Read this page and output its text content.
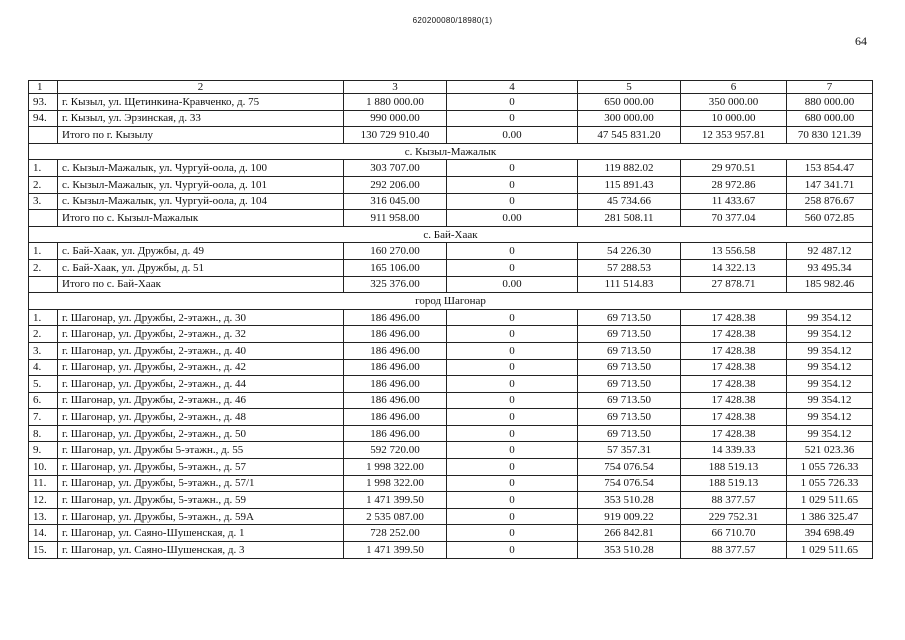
620200080/18980(1)
64
1	2	3	4	5	6	7
93.	г. Кызыл, ул. Щетинкина-Кравченко, д. 75	1 880 000.00	0	650 000.00	350 000.00	880 000.00
94.	г. Кызыл, ул. Эрзинская, д. 33	990 000.00	0	300 000.00	10 000.00	680 000.00
	Итого по г. Кызылу	130 729 910.40	0.00	47 545 831.20	12 353 957.81	70 830 121.39
с. Кызыл-Мажалык						
1.	с. Кызыл-Мажалык, ул. Чургуй-оола, д. 100	303 707.00	0	119 882.02	29 970.51	153 854.47
2.	с. Кызыл-Мажалык, ул. Чургуй-оола, д. 101	292 206.00	0	115 891.43	28 972.86	147 341.71
3.	с. Кызыл-Мажалык, ул. Чургуй-оола, д. 104	316 045.00	0	45 734.66	11 433.67	258 876.67
	Итого по с. Кызыл-Мажалык	911 958.00	0.00	281 508.11	70 377.04	560 072.85
с. Бай-Хаак						
1.	с. Бай-Хаак, ул. Дружбы, д. 49	160 270.00	0	54 226.30	13 556.58	92 487.12
2.	с. Бай-Хаак, ул. Дружбы, д. 51	165 106.00	0	57 288.53	14 322.13	93 495.34
	Итого по с. Бай-Хаак	325 376.00	0.00	111 514.83	27 878.71	185 982.46
город Шагонар						
1.	г. Шагонар, ул. Дружбы, 2-этажн., д. 30	186 496.00	0	69 713.50	17 428.38	99 354.12
2.	г. Шагонар, ул. Дружбы, 2-этажн., д. 32	186 496.00	0	69 713.50	17 428.38	99 354.12
3.	г. Шагонар, ул. Дружбы, 2-этажн., д. 40	186 496.00	0	69 713.50	17 428.38	99 354.12
4.	г. Шагонар, ул. Дружбы, 2-этажн., д. 42	186 496.00	0	69 713.50	17 428.38	99 354.12
5.	г. Шагонар, ул. Дружбы, 2-этажн., д. 44	186 496.00	0	69 713.50	17 428.38	99 354.12
6.	г. Шагонар, ул. Дружбы, 2-этажн., д. 46	186 496.00	0	69 713.50	17 428.38	99 354.12
7.	г. Шагонар, ул. Дружбы, 2-этажн., д. 48	186 496.00	0	69 713.50	17 428.38	99 354.12
8.	г. Шагонар, ул. Дружбы, 2-этажн., д. 50	186 496.00	0	69 713.50	17 428.38	99 354.12
9.	г. Шагонар, ул. Дружбы 5-этажн., д. 55	592 720.00	0	57 357.31	14 339.33	521 023.36
10.	г. Шагонар, ул. Дружбы, 5-этажн., д. 57	1 998 322.00	0	754 076.54	188 519.13	1 055 726.33
11.	г. Шагонар, ул. Дружбы, 5-этажн., д. 57/1	1 998 322.00	0	754 076.54	188 519.13	1 055 726.33
12.	г. Шагонар, ул. Дружбы, 5-этажн., д. 59	1 471 399.50	0	353 510.28	88 377.57	1 029 511.65
13.	г. Шагонар, ул. Дружбы, 5-этажн., д. 59А	2 535 087.00	0	919 009.22	229 752.31	1 386 325.47
14.	г. Шагонар, ул. Саяно-Шушенская, д. 1	728 252.00	0	266 842.81	66 710.70	394 698.49
15.	г. Шагонар, ул. Саяно-Шушенская, д. 3	1 471 399.50	0	353 510.28	88 377.57	1 029 511.65
